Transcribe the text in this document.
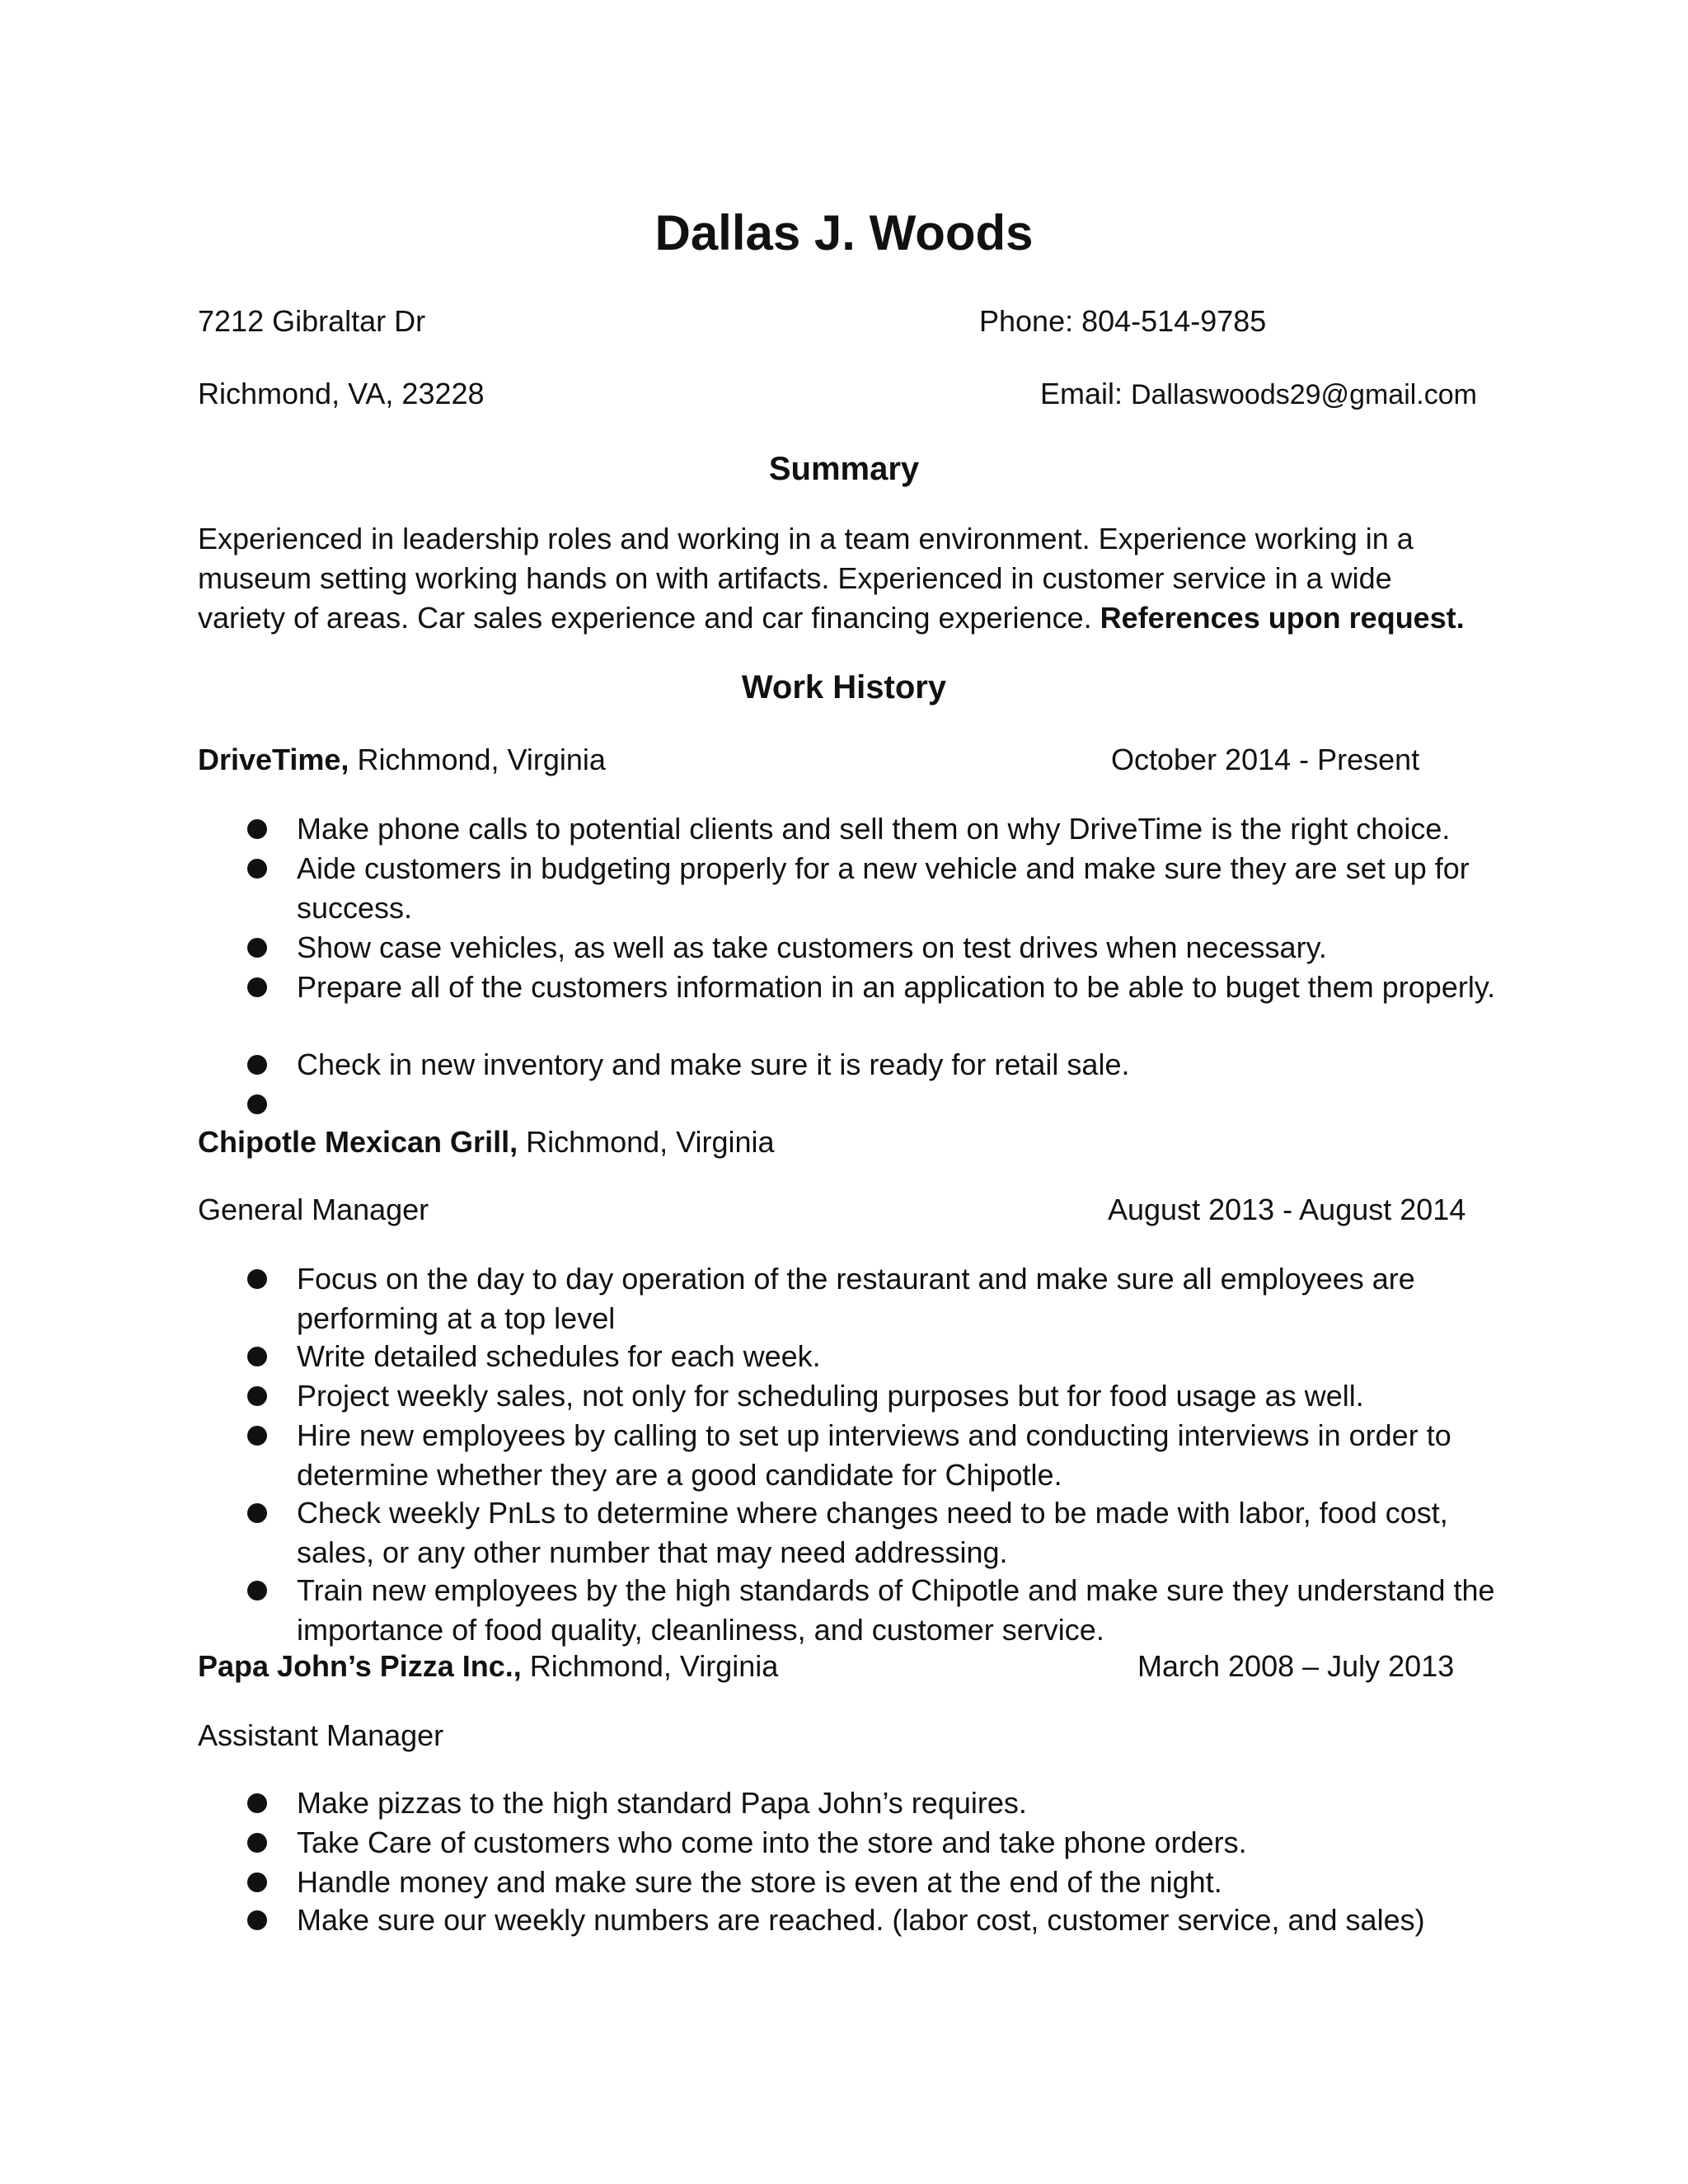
Dallas J. Woods
7212 Gibraltar Dr	Phone: 804-514-9785
Richmond, VA, 23228	Email: Dallaswoods29@gmail.com
Summary
Experienced in leadership roles and working in a team environment. Experience working in a museum setting working hands on with artifacts. Experienced in customer service in a wide variety of areas. Car sales experience and car financing experience. References upon request.
Work History
DriveTime, Richmond, Virginia	October 2014 - Present
Make phone calls to potential clients and sell them on why DriveTime is the right choice.
Aide customers in budgeting properly for a new vehicle and make sure they are set up for success.
Show case vehicles, as well as take customers on test drives when necessary.
Prepare all of the customers information in an application to be able to buget them properly.
Check in new inventory and make sure it is ready for retail sale.
Chipotle Mexican Grill, Richmond, Virginia
General Manager	August 2013 - August 2014
Focus on the day to day operation of the restaurant and make sure all employees are performing at a top level
Write detailed schedules for each week.
Project weekly sales, not only for scheduling purposes but for food usage as well.
Hire new employees by calling to set up interviews and conducting interviews in order to determine whether they are a good candidate for Chipotle.
Check weekly PnLs to determine where changes need to be made with labor, food cost, sales, or any other number that may need addressing.
Train new employees by the high standards of Chipotle and make sure they understand the importance of food quality, cleanliness, and customer service.
Papa John’s Pizza Inc., Richmond, Virginia	March 2008 – July 2013
Assistant Manager
Make pizzas to the high standard Papa John’s requires.
Take Care of customers who come into the store and take phone orders.
Handle money and make sure the store is even at the end of the night.
Make sure our weekly numbers are reached. (labor cost, customer service, and sales)
